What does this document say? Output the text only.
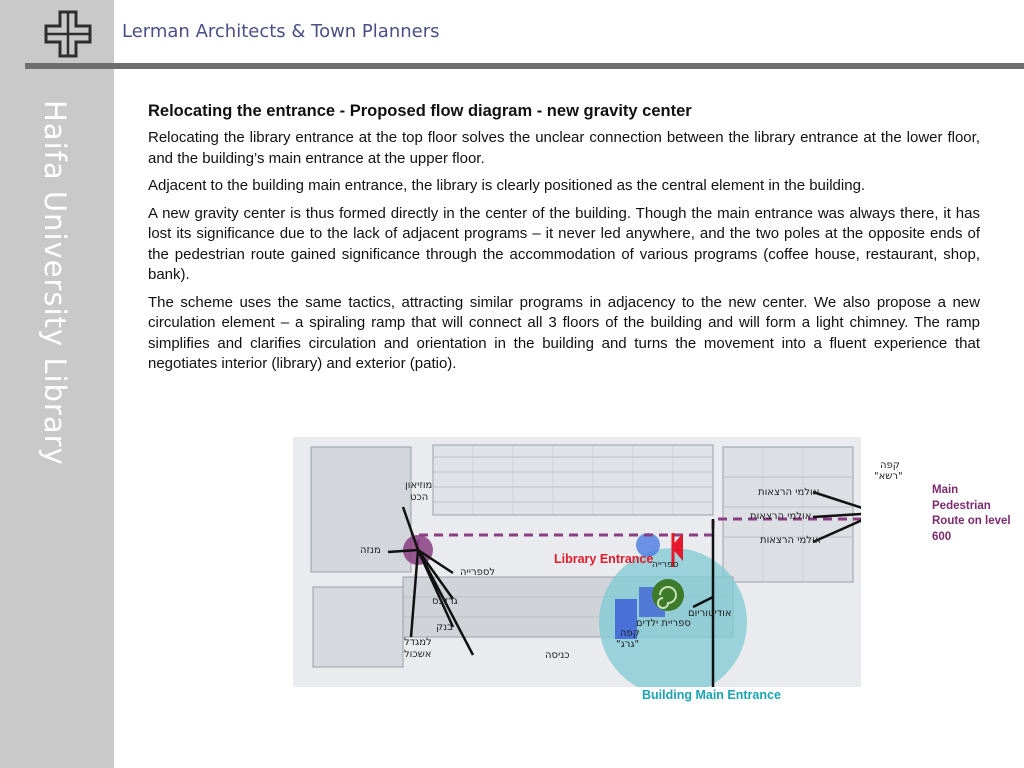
Haifa University Library
Lerman Architects & Town Planners
Relocating the entrance - Proposed flow diagram - new gravity center

Relocating the library entrance at the top floor solves the unclear connection between the library entrance at the lower floor, and the building’s main entrance at the upper floor.

Adjacent to the building main entrance, the library is clearly positioned as the central element in the building.

A new gravity center is thus formed directly in the center of the building. Though the main entrance was always there, it has lost its significance due to the lack of adjacent programs – it never led anywhere, and the two poles at the opposite ends of the pedestrian route gained significance through the accommodation of various programs (coffee house, restaurant, shop, bank).

The scheme uses the same tactics, attracting similar programs in adjacency to the new center. We also propose a new circulation element – a spiraling ramp that will connect all 3 floors of the building and will form a light chimney. The ramp simplifies and clarifies circulation and orientation in the building and turns the movement into a fluent experience that negotiates interior (library) and exterior (patio).

Library Entrance
Building Main Entrance
Main Pedestrian Route on level 600
מוזיאון
הכט
מנזה
לספרייה
גרדנס
בנק
למגדל
אשכול	כניסה
אולמי הרצאות
אולמי הרצאות
אולמי הרצאות
קפה
"רשא"
אודיטוריום
ספריית ילדים
קפה
"גרג"
ספרייה
